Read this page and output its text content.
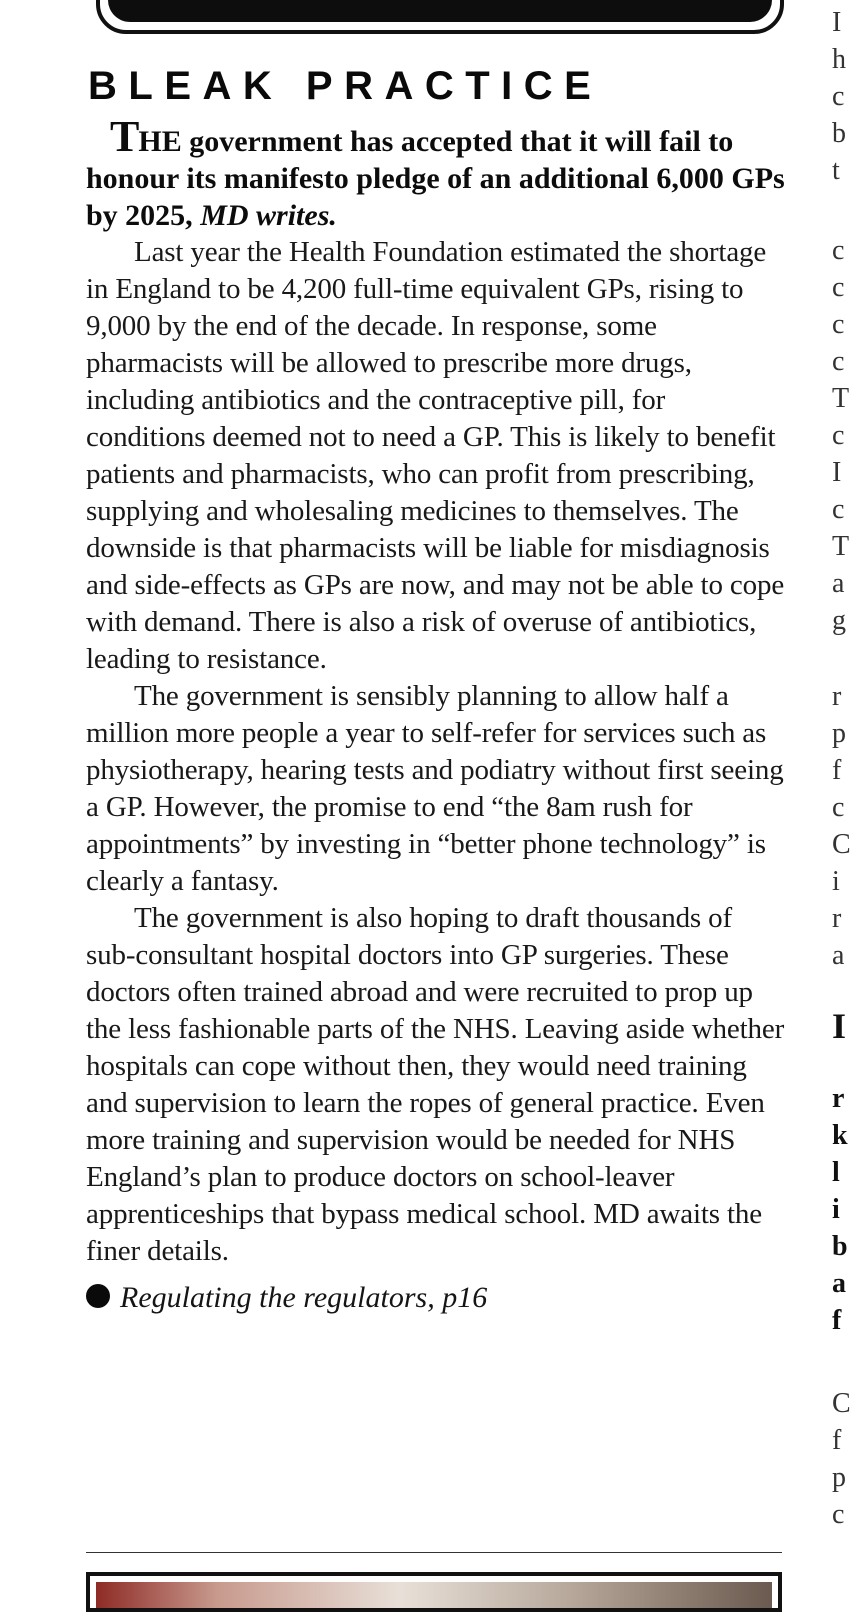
BLEAK PRACTICE

THE government has accepted that it will fail to honour its manifesto pledge of an additional 6,000 GPs by 2025, MD writes.

Last year the Health Foundation estimated the shortage in England to be 4,200 full-time equivalent GPs, rising to 9,000 by the end of the decade. In response, some pharmacists will be allowed to prescribe more drugs, including antibiotics and the contraceptive pill, for conditions deemed not to need a GP. This is likely to benefit patients and pharmacists, who can profit from prescribing, supplying and wholesaling medicines to themselves. The downside is that pharmacists will be liable for misdiagnosis and side-effects as GPs are now, and may not be able to cope with demand. There is also a risk of overuse of antibiotics, leading to resistance.

The government is sensibly planning to allow half a million more people a year to self-refer for services such as physiotherapy, hearing tests and podiatry without first seeing a GP. However, the promise to end “the 8am rush for appointments” by investing in “better phone technology” is clearly a fantasy.

The government is also hoping to draft thousands of sub-consultant hospital doctors into GP surgeries. These doctors often trained abroad and were recruited to prop up the less fashionable parts of the NHS. Leaving aside whether hospitals can cope without then, they would need training and supervision to learn the ropes of general practice. Even more training and supervision would be needed for NHS England’s plan to produce doctors on school-leaver apprenticeships that bypass medical school. MD awaits the finer details.

Regulating the regulators, p16
I
h
c
b
t
c
c
c
c
T
c
I
c
T
a
g
r
p
f
c
C
i
r
a
I
r
k
l
i
b
a
f
C
f
p
c
